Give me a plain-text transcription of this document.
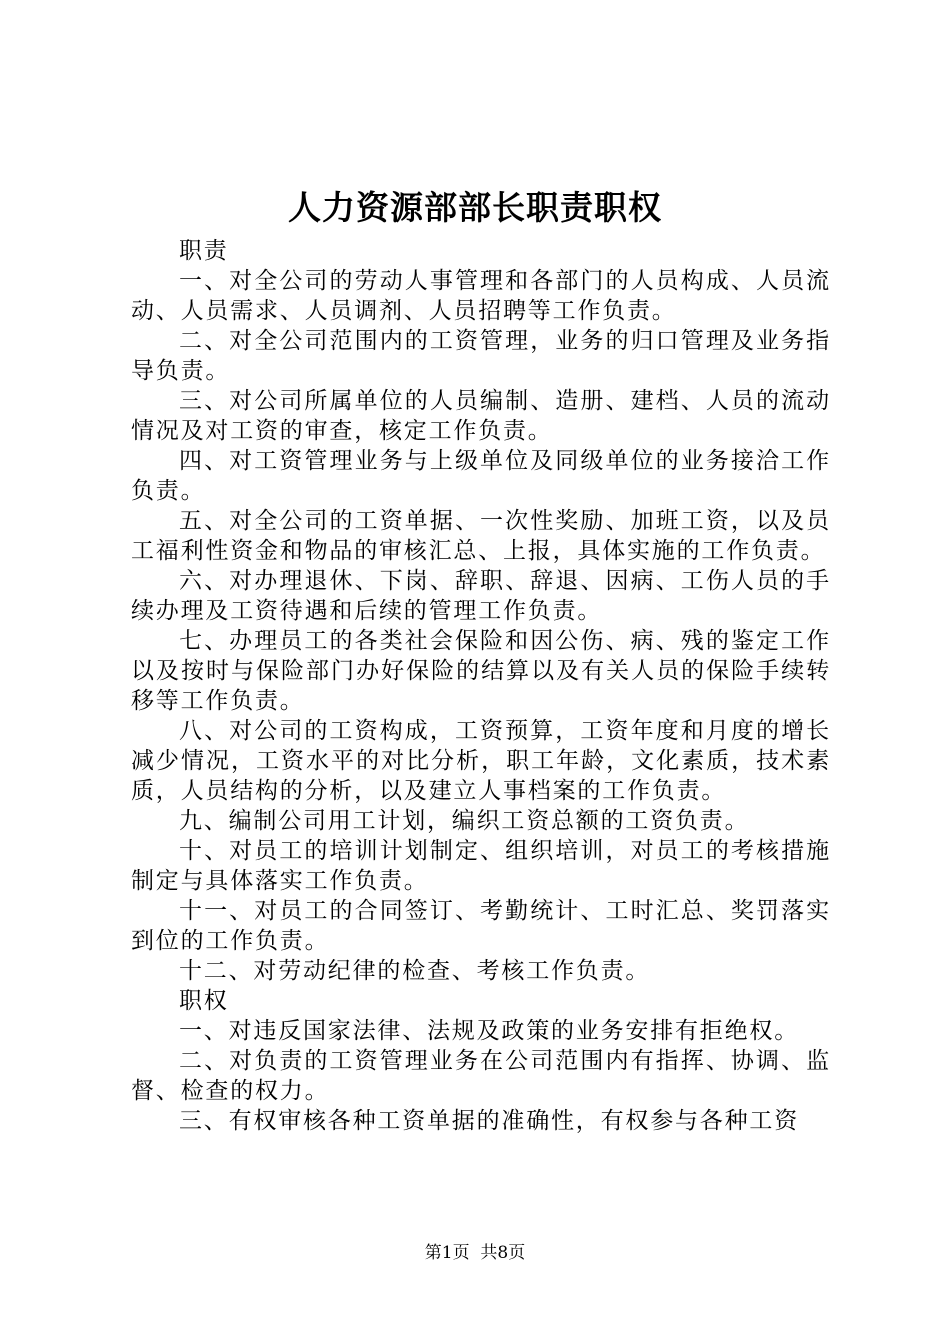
人力资源部部长职责职权

职责

一、对全公司的劳动人事管理和各部门的人员构成、人员流动、人员需求、人员调剂、人员招聘等工作负责。

二、对全公司范围内的工资管理，业务的归口管理及业务指导负责。

三、对公司所属单位的人员编制、造册、建档、人员的流动情况及对工资的审查，核定工作负责。

四、对工资管理业务与上级单位及同级单位的业务接洽工作负责。

五、对全公司的工资单据、一次性奖励、加班工资，以及员工福利性资金和物品的审核汇总、上报，具体实施的工作负责。

六、对办理退休、下岗、辞职、辞退、因病、工伤人员的手续办理及工资待遇和后续的管理工作负责。

七、办理员工的各类社会保险和因公伤、病、残的鉴定工作以及按时与保险部门办好保险的结算以及有关人员的保险手续转移等工作负责。

八、对公司的工资构成，工资预算，工资年度和月度的增长减少情况，工资水平的对比分析，职工年龄，文化素质，技术素质，人员结构的分析，以及建立人事档案的工作负责。

九、编制公司用工计划，编织工资总额的工资负责。

十、对员工的培训计划制定、组织培训，对员工的考核措施制定与具体落实工作负责。

十一、对员工的合同签订、考勤统计、工时汇总、奖罚落实到位的工作负责。

十二、对劳动纪律的检查、考核工作负责。

职权

一、对违反国家法律、法规及政策的业务安排有拒绝权。

二、对负责的工资管理业务在公司范围内有指挥、协调、监督、检查的权力。

三、有权审核各种工资单据的准确性，有权参与各种工资

第1页 共8页
